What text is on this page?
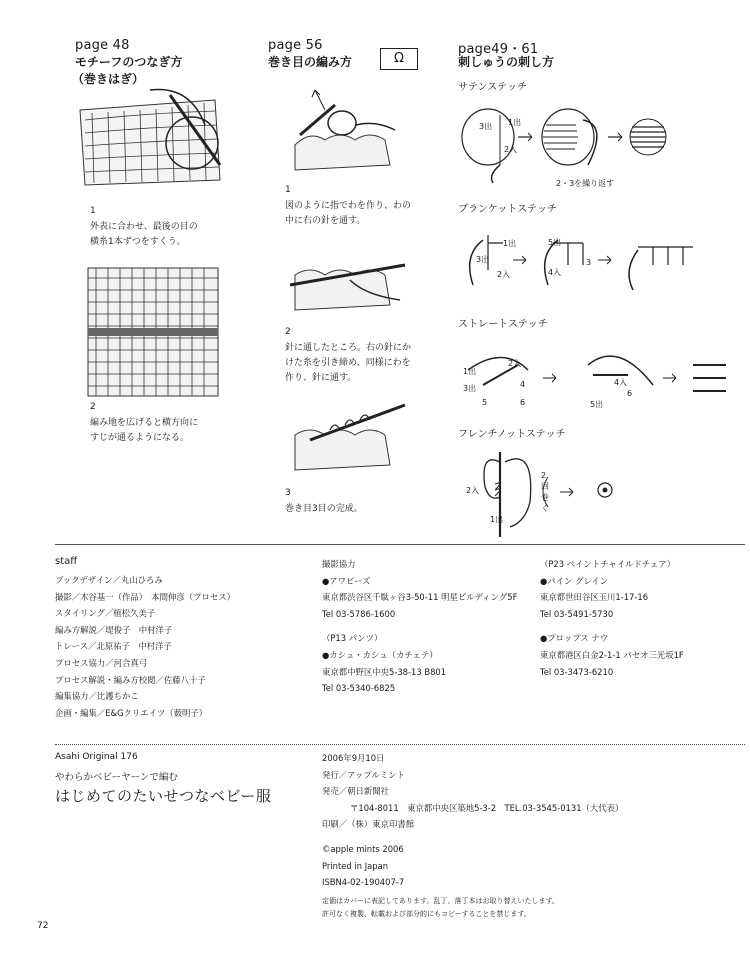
page 48
モチーフのつなぎ方
（巻きはぎ）
1
外表に合わせ、最後の目の
横糸1本ずつをすくう。
2
編み地を広げると横方向に
すじが通るようになる。
page 56
巻き目の編み方	Ω
1
図のように指でわを作り、わの
中に右の針を通す。
2
針に通したところ。右の針にか
けた糸を引き締め、同様にわを
作り、針に通す。
3
巻き目3目の完成。
page49・61
刺しゅうの刺し方
サテンステッチ
3出 1出
2入
2・3を繰り返す
ブランケットステッチ
1出
3出
2入
5出
4入
3
ストレートステッチ
1出
2入
3出	4
5	6
4入
5出
6
フレンチノットステッチ
2入
1出
2回巻く
staff
ブックデザイン／丸山ひろみ
撮影／木谷基一（作品）　本間伸彦（プロセス）
スタイリング／植松久美子
編み方解説／堤俊子　中村洋子
トレース／北原祐子　中村洋子
プロセス協力／河合真弓
プロセス解説・編み方校閲／佐藤八十子
編集協力／比護ちかこ
企画・編集／E&Gクリエイツ（薮明子）
撮影協力
●アワビーズ
東京都渋谷区千駄ヶ谷3-50-11 明星ビルディング5F
Tel 03-5786-1600
（P13 パンツ）
●カシュ・カシュ（カチェテ）
東京都中野区中央5-38-13 B801
Tel 03-5340-6825
（P23 ペイントチャイルドチェア）
●パイン グレイン
東京都世田谷区玉川1-17-16
Tel 03-5491-5730
●プロップス ナウ
東京都港区白金2-1-1 パセオ三光坂1F
Tel 03-3473-6210
Asahi Original 176
やわらかベビーヤーンで編む
はじめてのたいせつなベビー服
2006年9月10日
発行／アップルミント
発売／朝日新聞社
〒104-8011　東京都中央区築地5-3-2　TEL.03-3545-0131（大代表）
印刷／（株）東京印書館
©apple mints 2006
Printed in Japan
ISBN4-02-190407-7
定価はカバーに表記してあります。乱丁、落丁本はお取り替えいたします。
許可なく複製、転載および部分的にもコピーすることを禁じます。
72
